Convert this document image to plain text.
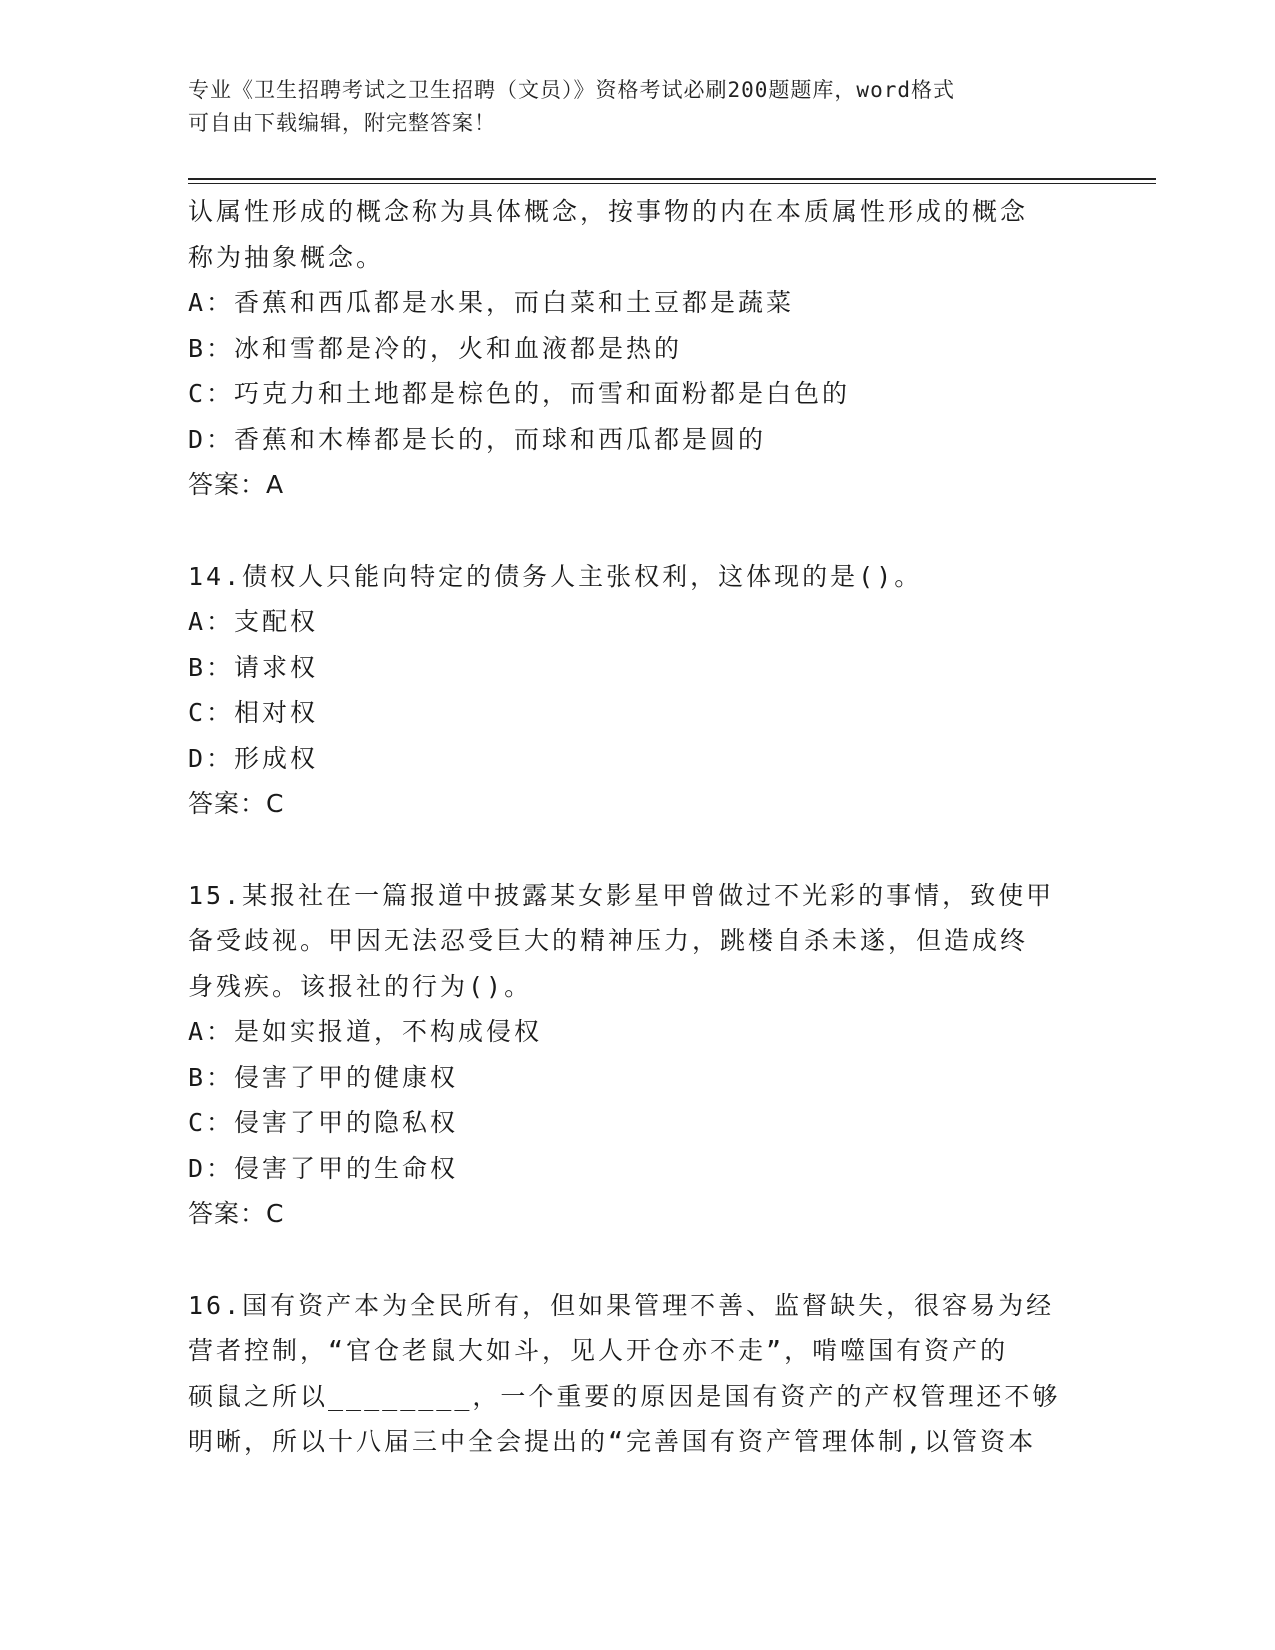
专业《卫生招聘考试之卫生招聘（文员）》资格考试必刷200题题库，word格式
可自由下载编辑，附完整答案！
认属性形成的概念称为具体概念，按事物的内在本质属性形成的概念
称为抽象概念。
A：香蕉和西瓜都是水果，而白菜和土豆都是蔬菜
B：冰和雪都是冷的，火和血液都是热的
C：巧克力和土地都是棕色的，而雪和面粉都是白色的
D：香蕉和木棒都是长的，而球和西瓜都是圆的
答案：A
14.债权人只能向特定的债务人主张权利，这体现的是()。
A：支配权
B：请求权
C：相对权
D：形成权
答案：C
15.某报社在一篇报道中披露某女影星甲曾做过不光彩的事情，致使甲
备受歧视。甲因无法忍受巨大的精神压力，跳楼自杀未遂，但造成终
身残疾。该报社的行为()。
A：是如实报道，不构成侵权
B：侵害了甲的健康权
C：侵害了甲的隐私权
D：侵害了甲的生命权
答案：C
16.国有资产本为全民所有，但如果管理不善、监督缺失，很容易为经
营者控制，“官仓老鼠大如斗，见人开仓亦不走”，啃噬国有资产的
硕鼠之所以________，一个重要的原因是国有资产的产权管理还不够
明晰，所以十八届三中全会提出的“完善国有资产管理体制,以管资本
